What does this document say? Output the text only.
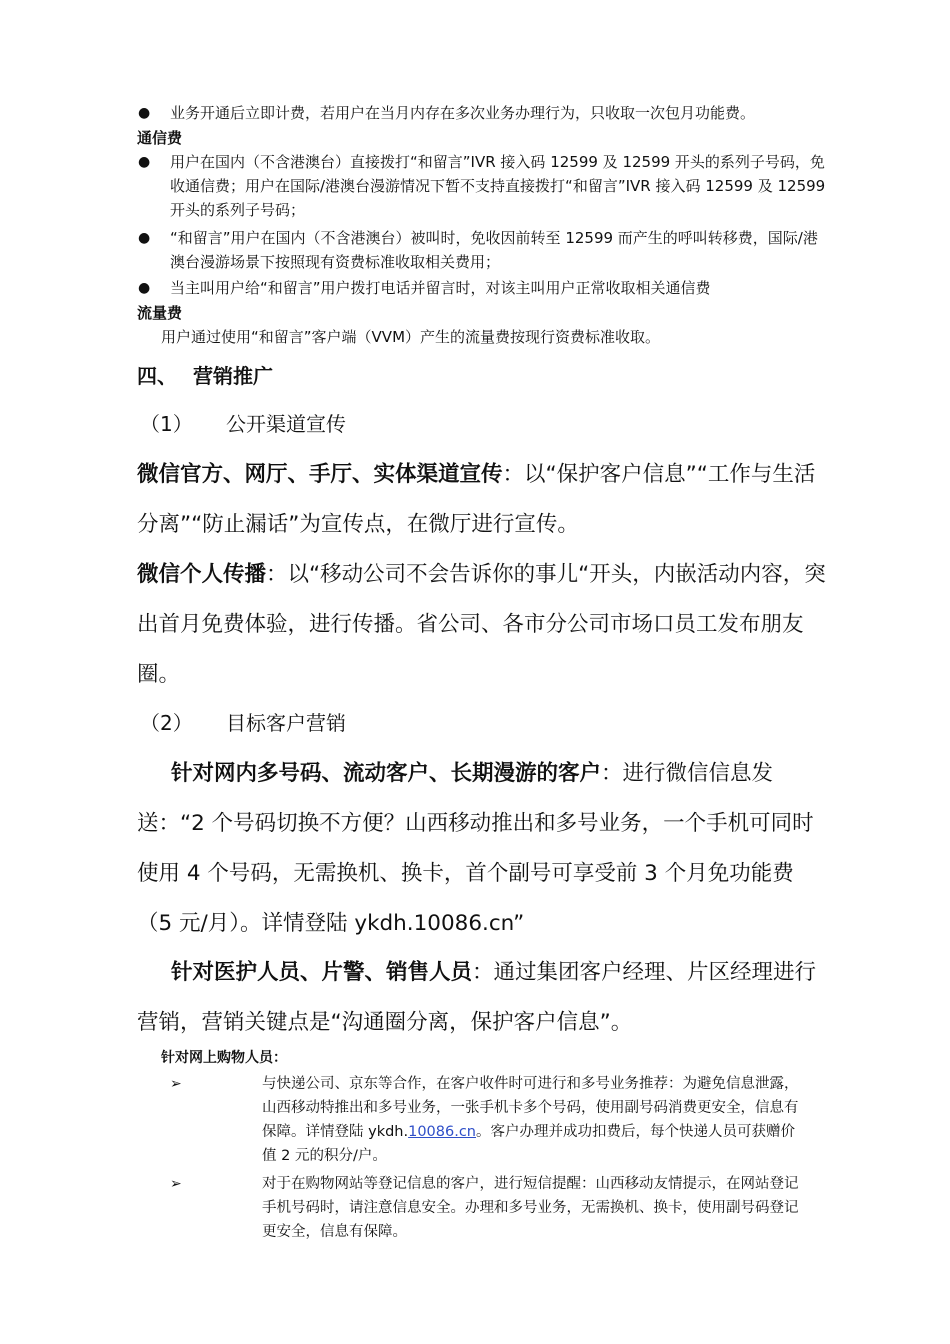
● 业务开通后立即计费，若用户在当月内存在多次业务办理行为，只收取一次包月功能费。
通信费
● 用户在国内（不含港澳台）直接拨打“和留言”IVR 接入码 12599 及 12599 开头的系列子号码，免收通信费；用户在国际/港澳台漫游情况下暂不支持直接拨打“和留言”IVR 接入码 12599 及 12599 开头的系列子号码；
● “和留言”用户在国内（不含港澳台）被叫时，免收因前转至 12599 而产生的呼叫转移费，国际/港澳台漫游场景下按照现有资费标准收取相关费用；
● 当主叫用户给“和留言”用户拨打电话并留言时，对该主叫用户正常收取相关通信费
流量费
用户通过使用“和留言”客户端（VVM）产生的流量费按现行资费标准收取。
四、 营销推广
（1） 公开渠道宣传

微信官方、网厅、手厅、实体渠道宣传：以“保护客户信息”“工作与生活分离”“防止漏话”为宣传点，在微厅进行宣传。

微信个人传播：以“移动公司不会告诉你的事儿“开头，内嵌活动内容，突出首月免费体验，进行传播。省公司、各市分公司市场口员工发布朋友圈。

（2） 目标客户营销

针对网内多号码、流动客户、长期漫游的客户：进行微信信息发送：“2 个号码切换不方便？山西移动推出和多号业务，一个手机可同时使用 4 个号码，无需换机、换卡，首个副号可享受前 3 个月免功能费（5 元/月）。详情登陆 ykdh.10086.cn”

针对医护人员、片警、销售人员：通过集团客户经理、片区经理进行营销，营销关键点是“沟通圈分离，保护客户信息”。

针对网上购物人员：
➢	与快递公司、京东等合作，在客户收件时可进行和多号业务推荐：为避免信息泄露，山西移动特推出和多号业务，一张手机卡多个号码，使用副号码消费更安全，信息有保障。详情登陆 ykdh.10086.cn。客户办理并成功扣费后，每个快递人员可获赠价值 2 元的积分/户。
➢	对于在购物网站等登记信息的客户，进行短信提醒：山西移动友情提示，在网站登记手机号码时，请注意信息安全。办理和多号业务，无需换机、换卡，使用副号码登记更安全，信息有保障。
